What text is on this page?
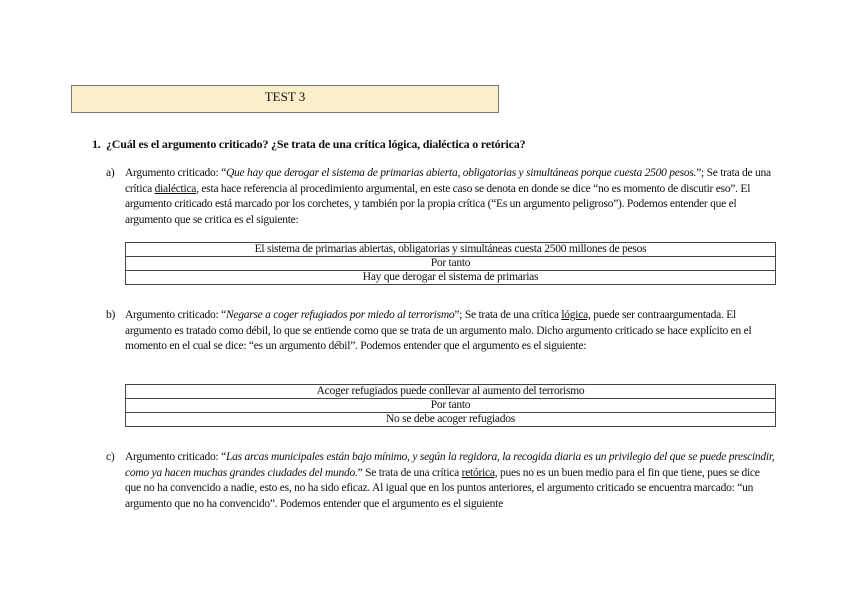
TEST 3
1. ¿Cuál es el argumento criticado? ¿Se trata de una crítica lógica, dialéctica o retórica?
a) Argumento criticado: “Que hay que derogar el sistema de primarias abierta, obligatorias y simultáneas porque cuesta 2500 pesos.”; Se trata de una crítica dialéctica, esta hace referencia al procedimiento argumental, en este caso se denota en donde se dice “no es momento de discutir eso”. El argumento criticado está marcado por los corchetes, y también por la propia crítica (“Es un argumento peligroso”). Podemos entender que el argumento que se critica es el siguiente:
El sistema de primarias abiertas, obligatorias y simultáneas cuesta 2500 millones de pesos
Por tanto
Hay que derogar el sistema de primarias
b) Argumento criticado: “Negarse a coger refugiados por miedo al terrorismo”; Se trata de una crítica lógica, puede ser contraargumentada. El argumento es tratado como débil, lo que se entiende como que se trata de un argumento malo. Dicho argumento criticado se hace explícito en el momento en el cual se dice: “es un argumento débil”. Podemos entender que el argumento es el siguiente:
Acoger refugiados puede conllevar al aumento del terrorismo
Por tanto
No se debe acoger refugiados
c) Argumento criticado: “Las arcas municipales están bajo mínimo, y según la regidora, la recogida diaria es un privilegio del que se puede prescindir, como ya hacen muchas grandes ciudades del mundo.” Se trata de una crítica retórica, pues no es un buen medio para el fin que tiene, pues se dice que no ha convencido a nadie, esto es, no ha sido eficaz. Al igual que en los puntos anteriores, el argumento criticado se encuentra marcado: “un argumento que no ha convencido”. Podemos entender que el argumento es el siguiente
